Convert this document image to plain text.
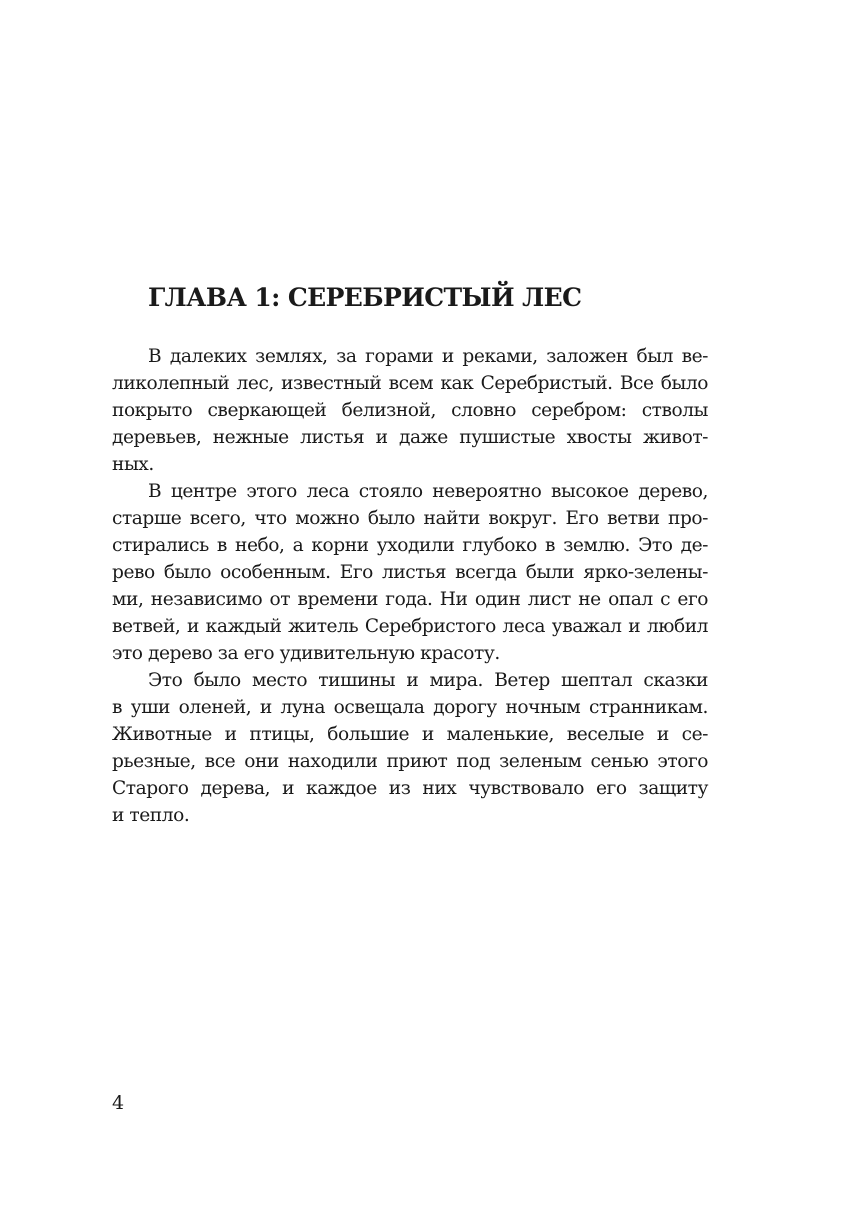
ГЛАВА 1: СЕРЕБРИСТЫЙ ЛЕС

В далеких землях, за горами и реками, заложен был ве-
ликолепный лес, известный всем как Серебристый. Все было
покрыто сверкающей белизной, словно серебром: стволы
деревьев, нежные листья и даже пушистые хвосты живот-
ных.

В центре этого леса стояло невероятно высокое дерево,
старше всего, что можно было найти вокруг. Его ветви про-
стирались в небо, а корни уходили глубоко в землю. Это де-
рево было особенным. Его листья всегда были ярко-зелены-
ми, независимо от времени года. Ни один лист не опал с его
ветвей, и каждый житель Серебристого леса уважал и любил
это дерево за его удивительную красоту.

Это было место тишины и мира. Ветер шептал сказки
в уши оленей, и луна освещала дорогу ночным странникам.
Животные и птицы, большие и маленькие, веселые и се-
рьезные, все они находили приют под зеленым сенью этого
Старого дерева, и каждое из них чувствовало его защиту
и тепло.

4
